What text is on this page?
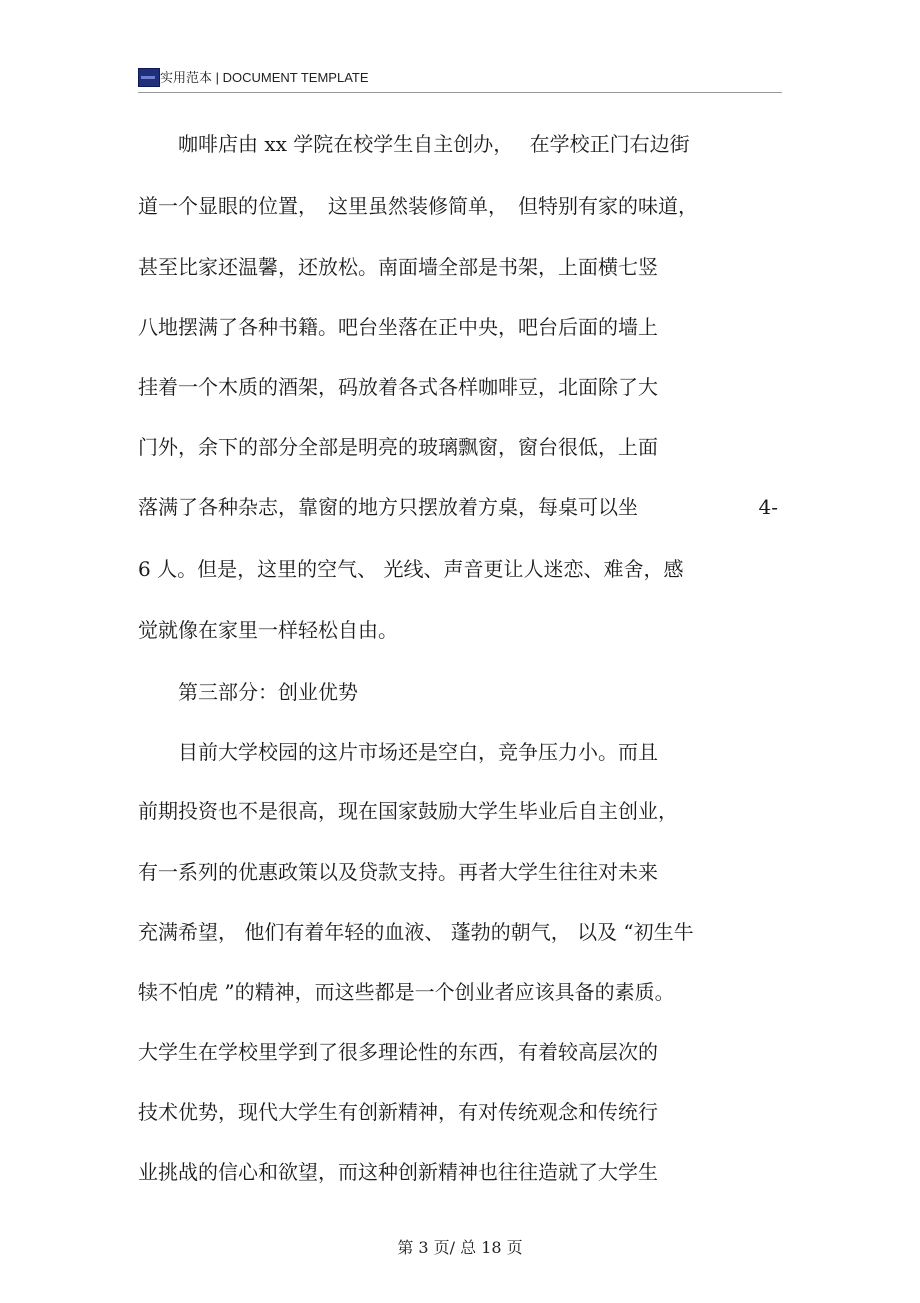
实用范本 | DOCUMENT TEMPLATE
　　咖啡店由 xx 学院在校学生自主创办，　 在学校正门右边街
道一个显眼的位置，　这里虽然装修简单，　但特别有家的味道，
甚至比家还温馨，还放松。南面墙全部是书架，上面横七竖
八地摆满了各种书籍。吧台坐落在正中央，吧台后面的墙上
挂着一个木质的酒架，码放着各式各样咖啡豆，北面除了大
门外，余下的部分全部是明亮的玻璃飘窗，窗台很低，上面
落满了各种杂志，靠窗的地方只摆放着方桌，每桌可以坐	4-
6 人。但是，这里的空气、 光线、声音更让人迷恋、难舍，感
觉就像在家里一样轻松自由。
　　第三部分：创业优势
　　目前大学校园的这片市场还是空白，竞争压力小。而且
前期投资也不是很高，现在国家鼓励大学生毕业后自主创业，
有一系列的优惠政策以及贷款支持。再者大学生往往对未来
充满希望， 他们有着年轻的血液、 蓬勃的朝气， 以及 “初生牛
犊不怕虎 ”的精神，而这些都是一个创业者应该具备的素质。
大学生在学校里学到了很多理论性的东西，有着较高层次的
技术优势，现代大学生有创新精神，有对传统观念和传统行
业挑战的信心和欲望，而这种创新精神也往往造就了大学生
第 3 页/ 总 18 页
